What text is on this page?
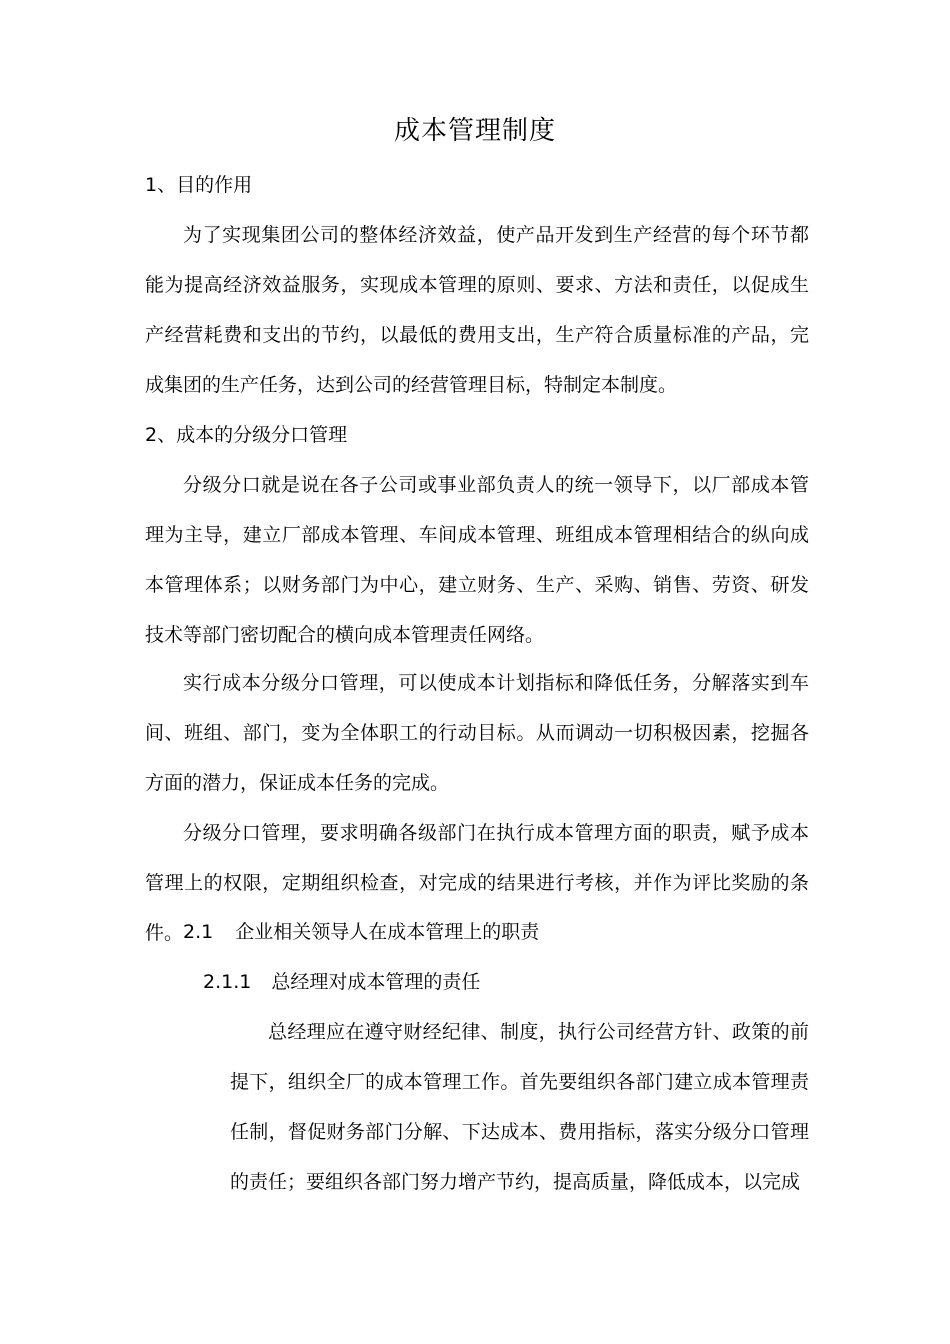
成本管理制度
1、目的作用

为了实现集团公司的整体经济效益，使产品开发到生产经营的每个环节都能为提高经济效益服务，实现成本管理的原则、要求、方法和责任，以促成生产经营耗费和支出的节约，以最低的费用支出，生产符合质量标准的产品，完成集团的生产任务，达到公司的经营管理目标，特制定本制度。

2、成本的分级分口管理

分级分口就是说在各子公司或事业部负责人的统一领导下，以厂部成本管理为主导，建立厂部成本管理、车间成本管理、班组成本管理相结合的纵向成本管理体系；以财务部门为中心，建立财务、生产、采购、销售、劳资、研发技术等部门密切配合的横向成本管理责任网络。

实行成本分级分口管理，可以使成本计划指标和降低任务，分解落实到车间、班组、部门，变为全体职工的行动目标。从而调动一切积极因素，挖掘各方面的潜力，保证成本任务的完成。

分级分口管理，要求明确各级部门在执行成本管理方面的职责，赋予成本管理上的权限，定期组织检查，对完成的结果进行考核，并作为评比奖励的条件。 2.1 企业相关领导人在成本管理上的职责
2.1.1 总经理对成本管理的责任

总经理应在遵守财经纪律、制度，执行公司经营方针、政策的前提下，组织全厂的成本管理工作。首先要组织各部门建立成本管理责任制，督促财务部门分解、下达成本、费用指标，落实分级分口管理的责任；要组织各部门努力增产节约，提高质量，降低成本，以完成
